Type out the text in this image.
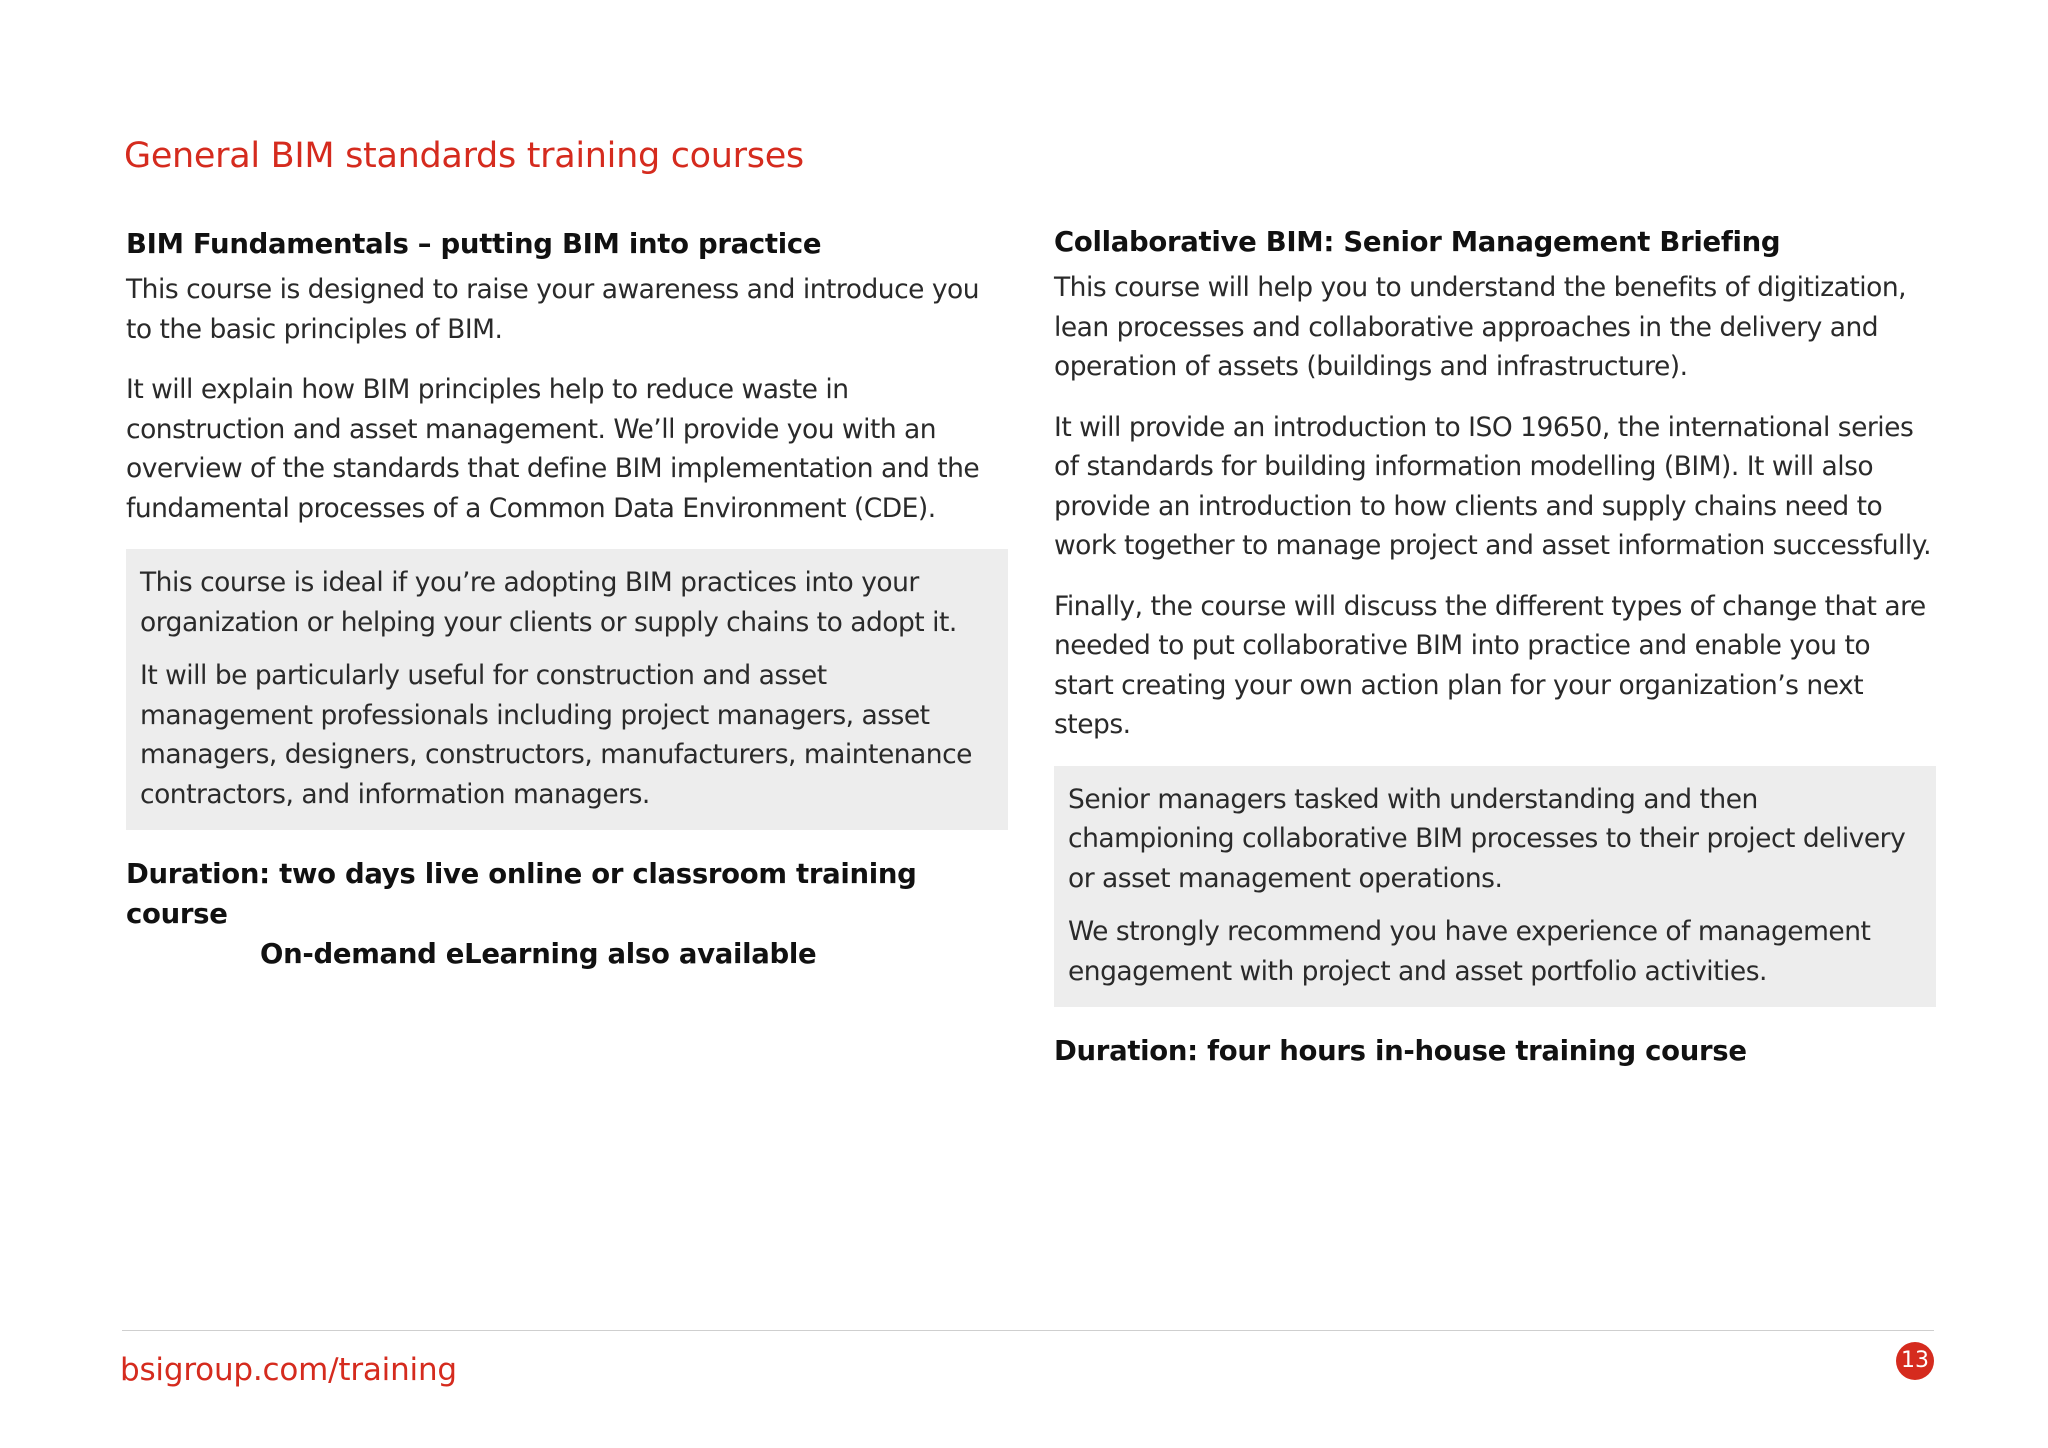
General BIM standards training courses
BIM Fundamentals – putting BIM into practice

This course is designed to raise your awareness and introduce you to the basic principles of BIM.

It will explain how BIM principles help to reduce waste in construction and asset management. We’ll provide you with an overview of the standards that define BIM implementation and the fundamental processes of a Common Data Environment (CDE).

This course is ideal if you’re adopting BIM practices into your organization or helping your clients or supply chains to adopt it.

It will be particularly useful for construction and asset management professionals including project managers, asset managers, designers, constructors, manufacturers, maintenance contractors, and information managers.

Duration: two days live online or classroom training course
On-demand eLearning also available
Collaborative BIM: Senior Management Briefing

This course will help you to understand the benefits of digitization, lean processes and collaborative approaches in the delivery and operation of assets (buildings and infrastructure).

It will provide an introduction to ISO 19650, the international series of standards for building information modelling (BIM). It will also provide an introduction to how clients and supply chains need to work together to manage project and asset information successfully.

Finally, the course will discuss the different types of change that are needed to put collaborative BIM into practice and enable you to start creating your own action plan for your organization’s next steps.

Senior managers tasked with understanding and then championing collaborative BIM processes to their project delivery or asset management operations.

We strongly recommend you have experience of management engagement with project and asset portfolio activities.

Duration: four hours in-house training course
bsigroup.com/training	13
